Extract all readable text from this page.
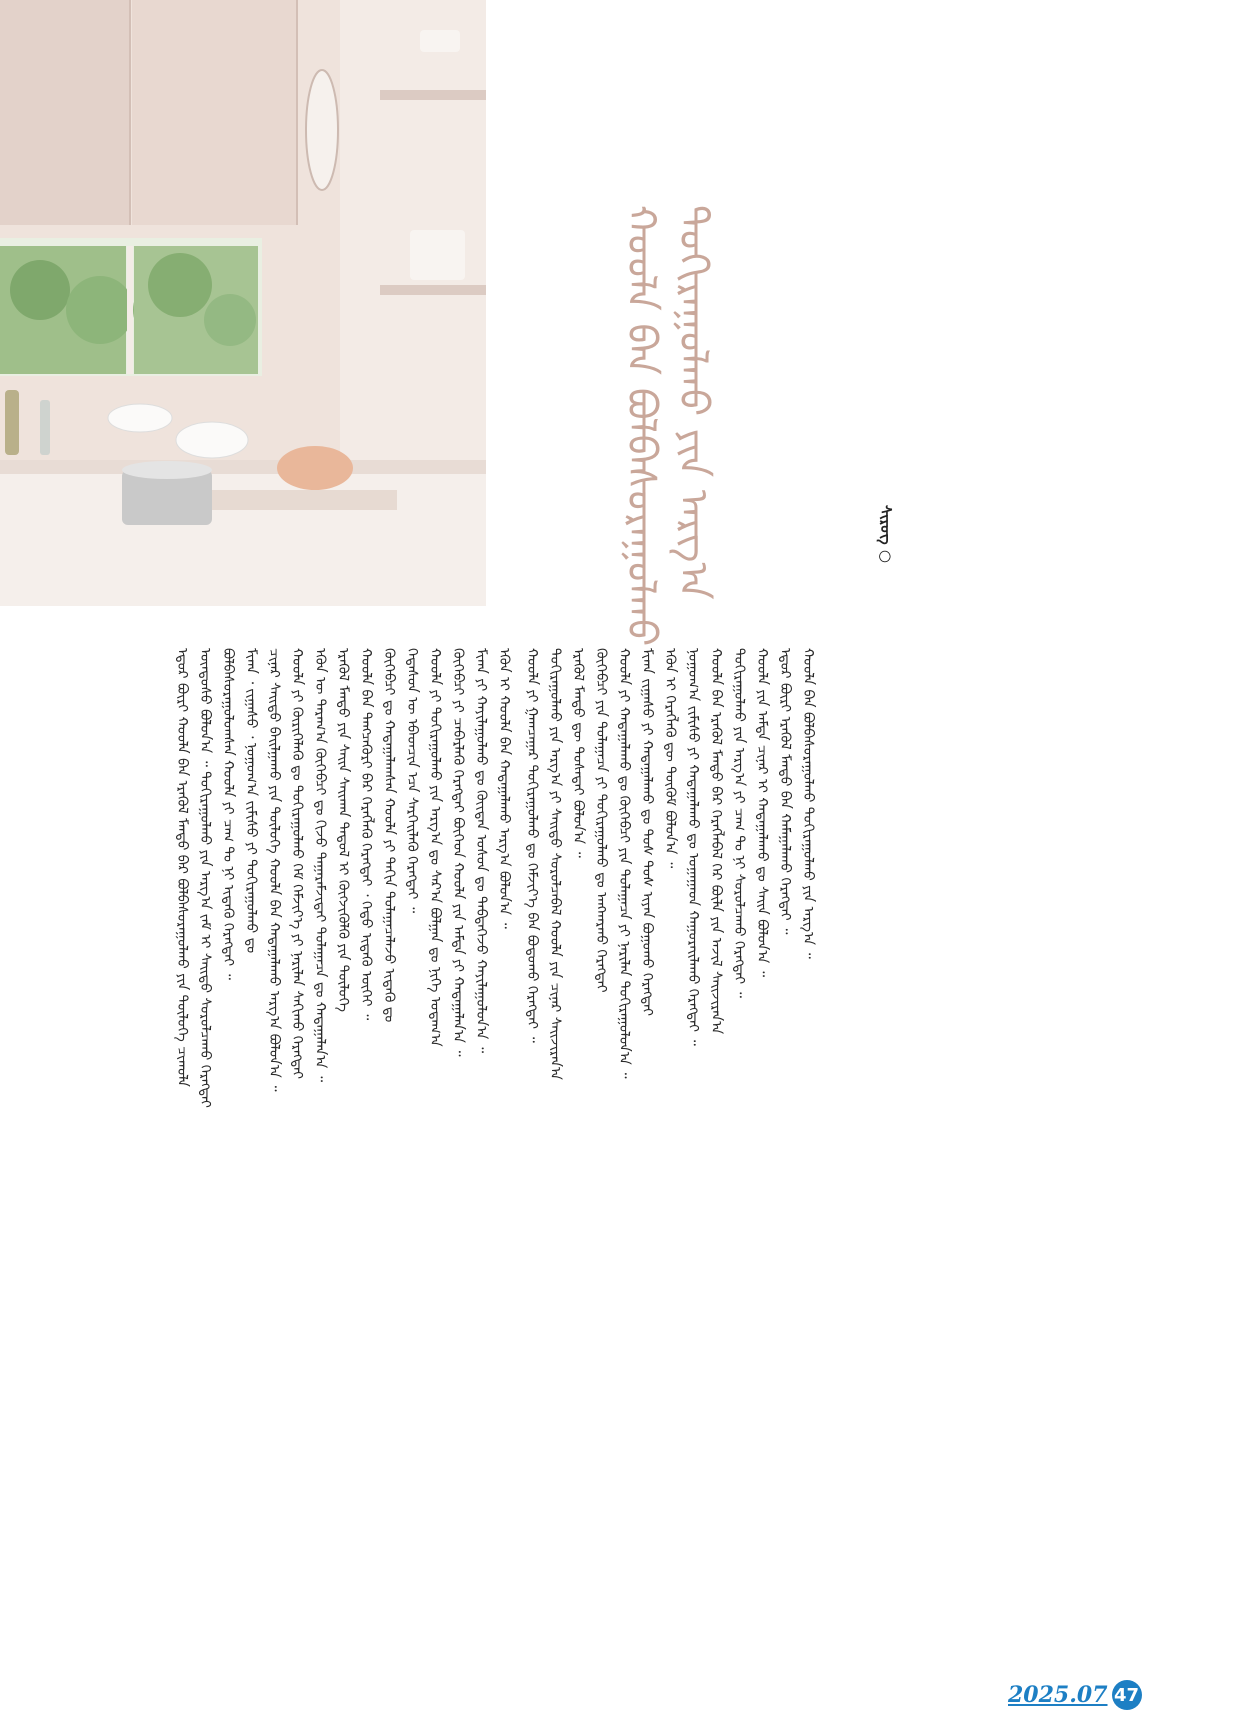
ᠬᠣᠣᠯᠠ ᠪᠡᠨ ᠪᠣᠯᠪᠠᠰᠤᠷᠠᠭᠤᠯᠬᠤ ᠲᠣᠬᠢᠷᠠᠭᠤᠯᠬᠤ ᠶᠢᠨ ᠠᠷᠭ᠎ᠠ	ᠰᠢᠷᠦᠭ ○
ᠡᠳᠦᠷ ᠪᠦᠷᠢ ᠬᠣᠣᠯᠠ ᠪᠡᠨ ᠡᠷᠡᠭᠦᠯ ᠮᠡᠨᠳᠦ ᠪᠡᠷ ᠪᠣᠯᠪᠠᠰᠤᠷᠠᠭᠤᠯᠬᠤ ᠶᠢᠨ ᠲᠥᠯᠦᠭᠡ ᠴᠢᠬᠤᠯᠠ ᠦᠨᠳᠦᠰᠦ ᠪᠣᠯᠤᠨ᠎ᠠ ᠃ ᠲᠣᠬᠢᠷᠠᠭᠤᠯᠬᠤ ᠶᠢᠨ ᠠᠷᠭ᠎ᠠ ᠵᠠᠮ ᠢ ᠰᠠᠢᠲᠤ ᠰᠤᠷᠤᠯᠴᠠᠬᠤ ᠬᠡᠷᠡᠭᠲᠡᠢ ᠪᠣᠯᠪᠠᠰᠤᠷᠠᠭᠤᠯᠤᠭᠰᠠᠨ ᠬᠣᠣᠯᠠ ᠶᠢ ᠴᠠᠭ ᠲᠤ ᠨᠢ ᠢᠳᠡᠬᠦ ᠬᠡᠷᠡᠭᠲᠡᠢ ᠃ ᠮᠢᠬᠠ ᠂ ᠵᠢᠭᠠᠰᠤ ᠂ ᠨᠤᠭᠤᠭ᠎ᠠ ᠵᠢᠮᠢᠰᠦ ᠶᠢ ᠲᠣᠬᠢᠷᠠᠭᠤᠯᠬᠤ ᠳᠤ ᠴᠢᠨᠠᠷ ᠰᠠᠢᠲᠤ ᠪᠠᠢᠯᠭᠠᠬᠤ ᠶᠢᠨ ᠲᠥᠯᠦᠭᠡ ᠬᠣᠣᠯᠠ ᠪᠡᠨ ᠬᠠᠳᠠᠭᠠᠯᠠᠬᠤ ᠠᠷᠭ᠎ᠠ ᠪᠣᠯᠤᠨ᠎ᠠ ᠃ ᠬᠣᠣᠯᠠ ᠶᠢ ᠬᠥᠷᠢᠭᠡᠯᠡᠬᠦ ᠳᠤ ᠲᠣᠬᠢᠷᠠᠭᠤᠯᠬᠤ ᠬᠡᠮ ᠬᠡᠮᠵᠢᠶ᠎ᠡ ᠶᠢ ᠨᠠᠷᠢᠯᠠᠨ ᠰᠠᠬᠢᠬᠤ ᠬᠡᠷᠡᠭᠲᠡᠢ ᠡᠭᠦᠨ ᠦ ᠳᠠᠷᠠᠭ᠎ᠠ ᠬᠥᠭᠡᠪᠴᠢ ᠳᠤ ᠬᠢᠵᠦ ᠲᠠᠭᠠᠷᠠᠮᠵᠢᠲᠠᠢ ᠳᠤᠯᠠᠭᠠᠴᠠ ᠳᠤ ᠬᠠᠳᠠᠭᠠᠯᠠᠨ᠎ᠠ ᠃ ᠡᠷᠡᠭᠦᠯ ᠮᠡᠨᠳᠦ ᠶᠢᠨ ᠰᠠᠢᠨ ᠰᠠᠢᠬᠠᠨ ᠳᠠᠳᠤᠯ ᠢ ᠬᠥᠭᠵᠢᠭᠦᠯᠬᠦ ᠶᠢᠨ ᠲᠥᠯᠦᠭᠡ ᠬᠣᠣᠯᠠ ᠪᠡᠨ ᠲᠡᠩᠴᠡᠭᠦᠷᠢ ᠪᠡᠷ ᠬᠡᠷᠡᠭᠯᠡᠬᠦ ᠬᠡᠷᠡᠭᠲᠡᠢ ᠂ ᠬᠡᠲᠦ ᠢᠳᠡᠬᠦ ᠦᠭᠡᠢ ᠃ ᠬᠥᠭᠡᠪᠴᠢ ᠳᠤ ᠬᠠᠳᠠᠭᠠᠯᠠᠭᠰᠠᠨ ᠬᠣᠣᠯᠠ ᠶᠢ ᠳᠠᠬᠢᠨ ᠳᠤᠯᠠᠭᠠᠴᠠᠯᠠᠵᠤ ᠢᠳᠡᠬᠦ ᠳᠤ ᠭᠡᠳᠡᠰᠦᠨ ᠦ ᠡᠪᠡᠳᠴᠢᠨ ᠡᠴᠡ ᠰᠡᠷᠭᠡᠢᠯᠡᠬᠦ ᠬᠡᠷᠡᠭᠲᠡᠢ ᠃ ᠬᠣᠣᠯᠠ ᠶᠢ ᠲᠣᠬᠢᠷᠠᠭᠤᠯᠬᠤ ᠶᠢᠨ ᠠᠷᠭ᠎ᠠ ᠳᠤ ᠰᠠᠷ᠎ᠠ ᠪᠣᠯᠭᠠᠨ ᠳᠤ ᠨᠢᠭᠡ ᠤᠳᠠᠭ᠎ᠠ ᠬᠥᠭᠡᠪᠴᠢ ᠶᠢ ᠴᠡᠪᠡᠷᠯᠡᠬᠦ ᠬᠡᠷᠡᠭᠲᠡᠢ ᠪᠥᠭᠡᠳ ᠬᠣᠣᠯᠠ ᠶᠢᠨ ᠠᠮᠲᠠ ᠶᠢ ᠬᠠᠳᠠᠭᠠᠯᠠᠨ᠎ᠠ ᠃ ᠮᠢᠬᠠ ᠶᠢ ᠬᠠᠶᠢᠯᠠᠭᠤᠯᠬᠤ ᠳᠤ ᠬᠦᠢᠲᠡᠨ ᠤᠰᠤᠨ ᠳᠤ ᠳᠡᠪᠲᠡᠭᠡᠵᠦ ᠬᠠᠶᠢᠯᠠᠭᠤᠯᠤᠨ᠎ᠠ ᠃ ᠡᠭᠦᠨ ᠢ ᠬᠣᠣᠯᠠ ᠪᠡᠨ ᠬᠠᠳᠠᠭᠠᠯᠠᠬᠤ ᠠᠷᠭ᠎ᠠ ᠪᠣᠯᠤᠨ᠎ᠠ ᠃ ᠬᠣᠣᠯᠠ ᠶᠢ ᠭᠠᠭᠴᠠᠭᠠᠷ ᠲᠣᠬᠢᠷᠠᠭᠤᠯᠬᠤ ᠳᠤ ᠬᠡᠮᠵᠢᠶ᠎ᠡ ᠪᠡᠨ ᠪᠣᠳᠤᠬᠤ ᠬᠡᠷᠡᠭᠲᠡᠢ ᠃ ᠲᠣᠬᠢᠷᠠᠭᠤᠯᠬᠤ ᠶᠢᠨ ᠠᠷᠭ᠎ᠠ ᠶᠢ ᠰᠠᠢᠲᠤ ᠰᠤᠷᠤᠯᠴᠠᠪᠠᠯ ᠬᠣᠣᠯᠠ ᠶᠢᠨ ᠴᠢᠨᠠᠷ ᠰᠠᠢᠵᠢᠷᠠᠨ᠎ᠠ ᠡᠷᠡᠭᠦᠯ ᠮᠡᠨᠳᠦ ᠳᠦ ᠲᠤᠰᠠᠲᠠᠢ ᠪᠣᠯᠤᠨ᠎ᠠ ᠃ ᠬᠥᠭᠡᠪᠴᠢ ᠶᠢᠨ ᠳᠤᠯᠠᠭᠠᠴᠠ ᠶᠢ ᠲᠣᠬᠢᠷᠠᠭᠤᠯᠬᠤ ᠳᠤ ᠠᠩᠬᠠᠷᠬᠤ ᠬᠡᠷᠡᠭᠲᠡᠢ ᠬᠣᠣᠯᠠ ᠶᠢ ᠬᠠᠳᠠᠭᠠᠯᠠᠬᠤ ᠳᠤ ᠬᠥᠭᠡᠪᠴᠢ ᠶᠢᠨ ᠳᠤᠯᠠᠭᠠᠴᠠ ᠶᠢ ᠨᠠᠷᠢᠯᠠᠨ ᠲᠣᠬᠢᠷᠠᠭᠤᠯᠤᠨ᠎ᠠ ᠃ ᠮᠢᠬᠠ ᠵᠢᠭᠠᠰᠤ ᠶᠢ ᠬᠠᠳᠠᠭᠠᠯᠠᠬᠤ ᠳᠤ ᠲᠤᠰ ᠲᠤᠰ ᠢᠶᠡᠨ ᠪᠣᠭᠤᠬᠤ ᠬᠡᠷᠡᠭᠲᠡᠢ ᠡᠭᠦᠨ ᠢ ᠬᠡᠷᠡᠭᠯᠡᠬᠦ ᠳᠦ ᠳᠥᠭᠥᠮ ᠪᠣᠯᠤᠨ᠎ᠠ ᠃ ᠨᠤᠭᠤᠭ᠎ᠠ ᠵᠢᠮᠢᠰᠦ ᠶᠢ ᠬᠠᠳᠠᠭᠠᠯᠠᠬᠤ ᠳᠤ ᠤᠭᠠᠭᠠᠳ ᠬᠠᠭᠤᠷᠠᠢᠯᠠᠬᠤ ᠬᠡᠷᠡᠭᠲᠡᠢ ᠃ ᠬᠣᠣᠯᠠ ᠪᠡᠨ ᠡᠷᠡᠭᠦᠯ ᠮᠡᠨᠳᠦ ᠪᠡᠷ ᠬᠡᠷᠡᠭᠯᠡᠪᠡᠯ ᠭᠡᠷ ᠪᠦᠯᠡ ᠶᠢᠨ ᠠᠵᠢᠯ ᠰᠠᠢᠵᠢᠷᠠᠨ᠎ᠠ ᠲᠣᠬᠢᠷᠠᠭᠤᠯᠬᠤ ᠶᠢᠨ ᠠᠷᠭ᠎ᠠ ᠶᠢ ᠴᠠᠭ ᠲᠤ ᠨᠢ ᠰᠤᠷᠤᠯᠴᠠᠬᠤ ᠬᠡᠷᠡᠭᠲᠡᠢ ᠃ ᠬᠣᠣᠯᠠ ᠶᠢᠨ ᠠᠮᠲᠠ ᠴᠢᠨᠠᠷ ᠢ ᠬᠠᠳᠠᠭᠠᠯᠠᠬᠤ ᠳᠤ ᠰᠠᠢᠨ ᠪᠣᠯᠤᠨ᠎ᠠ ᠃ ᠡᠳᠦᠷ ᠪᠦᠷᠢ ᠡᠷᠡᠭᠦᠯ ᠮᠡᠨᠳᠦ ᠪᠡᠨ ᠬᠠᠮᠠᠭᠠᠯᠠᠬᠤ ᠬᠡᠷᠡᠭᠲᠡᠢ ᠃ ᠬᠣᠣᠯᠠ ᠪᠡᠨ ᠪᠣᠯᠪᠠᠰᠤᠷᠠᠭᠤᠯᠬᠤ ᠲᠣᠬᠢᠷᠠᠭᠤᠯᠬᠤ ᠶᠢᠨ ᠠᠷᠭ᠎ᠠ ᠃
2025.07 47
